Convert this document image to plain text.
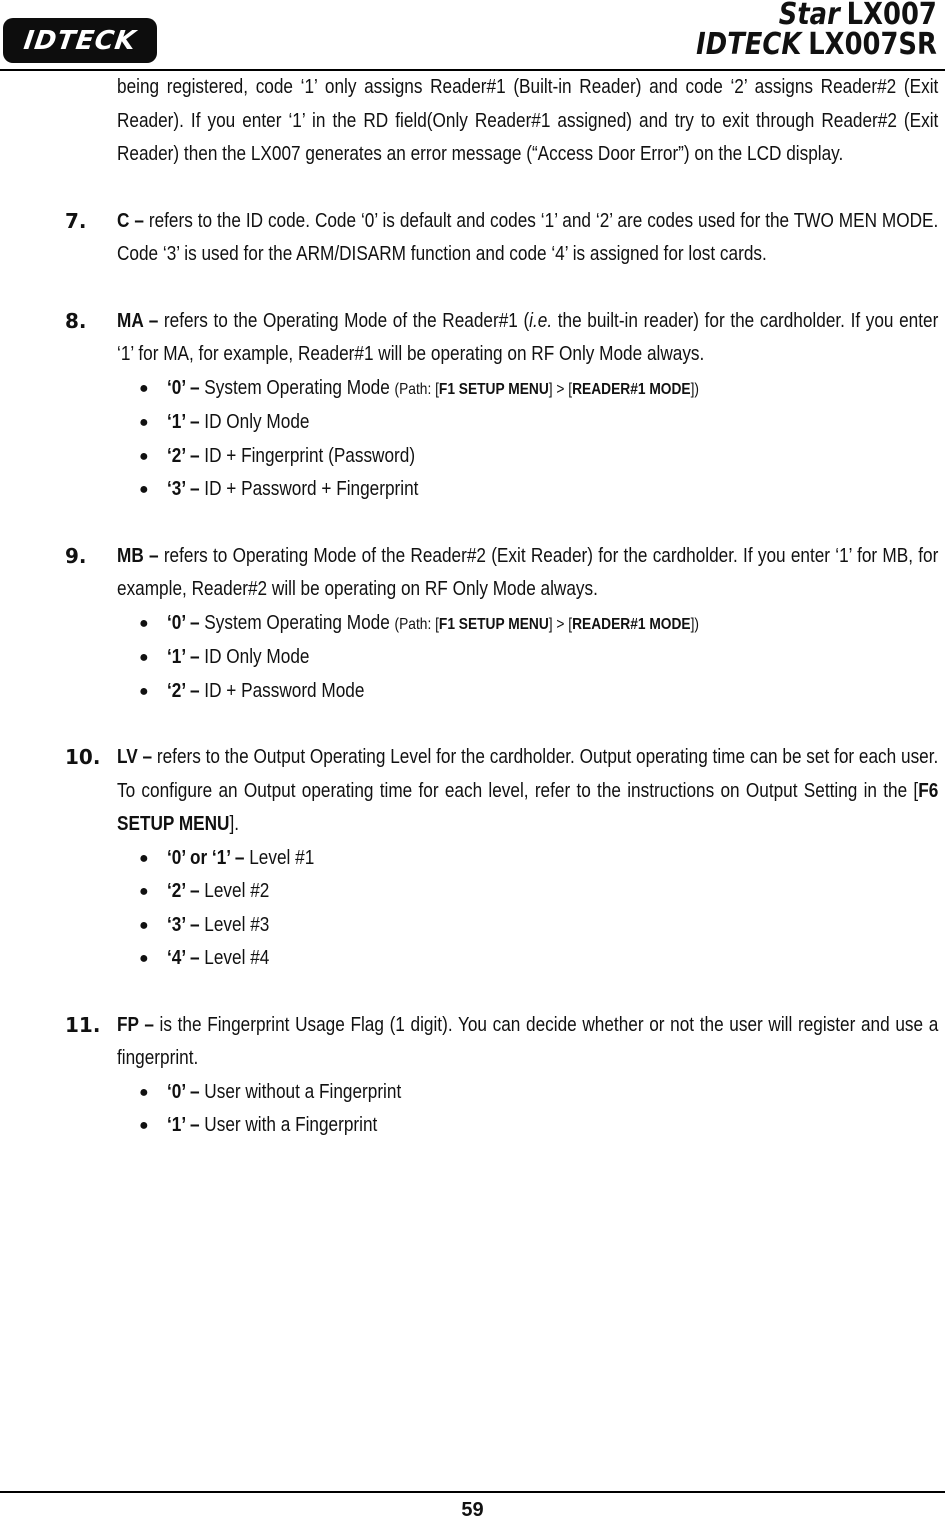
IDTECK
Star LX007
IDTECK LX007SR

being registered, code ‘1’ only assigns Reader#1 (Built-in Reader) and code ‘2’ assigns Reader#2 (Exit Reader). If you enter ‘1’ in the RD field(Only Reader#1 assigned) and try to exit through Reader#2 (Exit Reader) then the LX007 generates an error message (“Access Door Error”) on the LCD display.

7. C – refers to the ID code. Code ‘0’ is default and codes ‘1’ and ‘2’ are codes used for the TWO MEN MODE. Code ‘3’ is used for the ARM/DISARM function and code ‘4’ is assigned for lost cards.

8. MA – refers to the Operating Mode of the Reader#1 (i.e. the built-in reader) for the cardholder. If you enter ‘1’ for MA, for example, Reader#1 will be operating on RF Only Mode always.

● ‘0’ – System Operating Mode (Path: [F1 SETUP MENU] > [READER#1 MODE])
● ‘1’ – ID Only Mode
● ‘2’ – ID + Fingerprint (Password)
● ‘3’ – ID + Password + Fingerprint
9. MB – refers to Operating Mode of the Reader#2 (Exit Reader) for the cardholder. If you enter ‘1’ for MB, for example, Reader#2 will be operating on RF Only Mode always.

● ‘0’ – System Operating Mode (Path: [F1 SETUP MENU] > [READER#1 MODE])
● ‘1’ – ID Only Mode
● ‘2’ – ID + Password Mode
10. LV – refers to the Output Operating Level for the cardholder. Output operating time can be set for each user. To configure an Output operating time for each level, refer to the instructions on Output Setting in the [F6 SETUP MENU].

● ‘0’ or ‘1’ – Level #1
● ‘2’ – Level #2
● ‘3’ – Level #3
● ‘4’ – Level #4
11. FP – is the Fingerprint Usage Flag (1 digit). You can decide whether or not the user will register and use a fingerprint.

● ‘0’ – User without a Fingerprint
● ‘1’ – User with a Fingerprint
59
